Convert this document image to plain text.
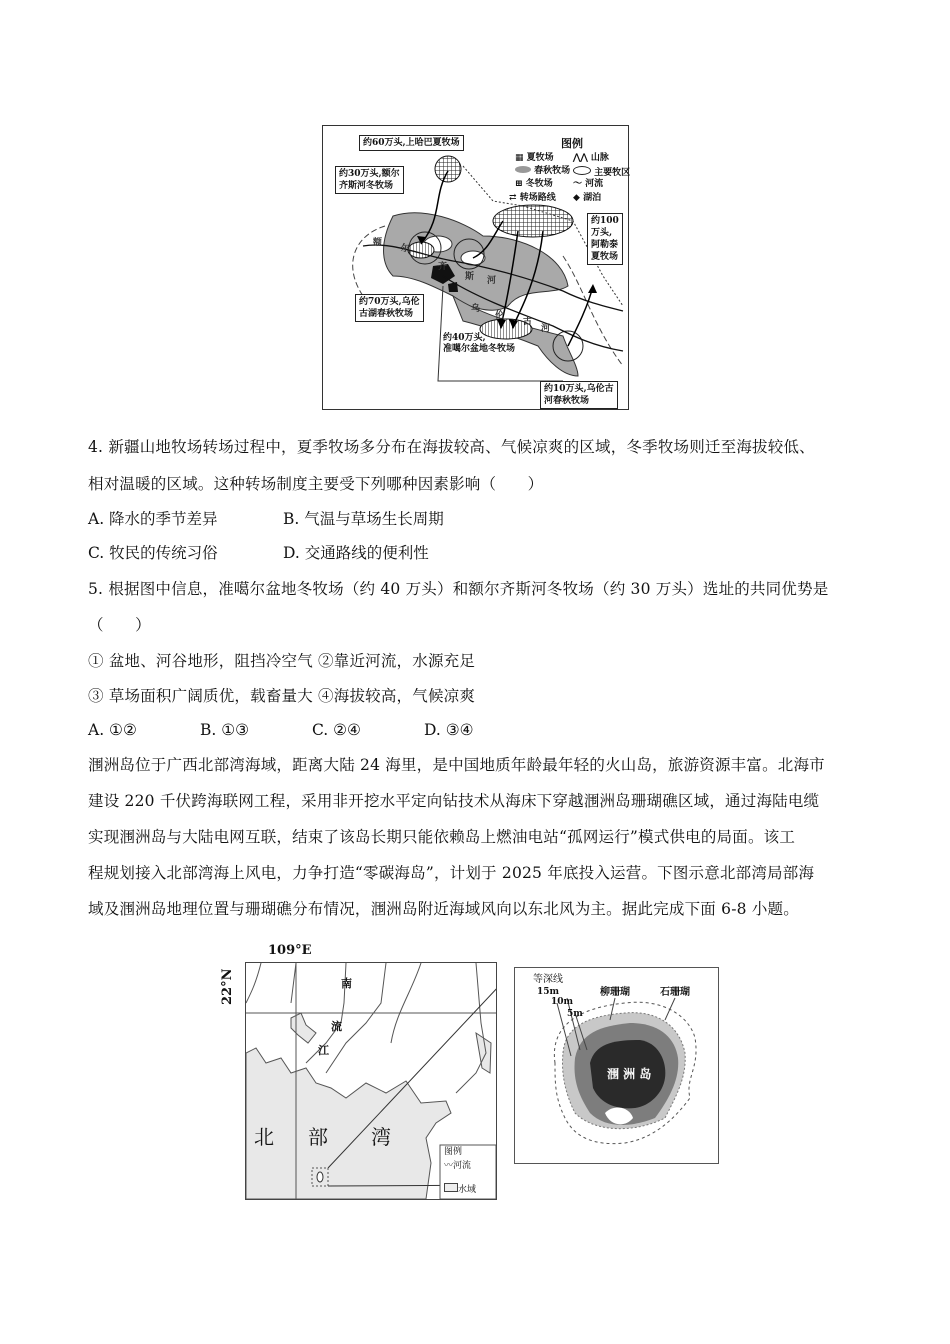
图例
▦ 夏牧场 ⋀⋀ 山脉
春秋牧场	主要牧区
⊞ 冬牧场 〜 河流
⇄ 转场路线 ◆ 湖泊
约60万头,上哈巴夏牧场
约30万头,额尔
齐斯河冬牧场
约100
万头,
阿勒泰
夏牧场
约70万头,乌伦
古湖春秋牧场
约40万头,
准噶尔盆地冬牧场
约10万头,乌伦古
河春秋牧场
额
尔
齐
斯 河
乌
伦
古
河
4. 新疆山地牧场转场过程中，夏季牧场多分布在海拔较高、气候凉爽的区域，冬季牧场则迁至海拔较低、
相对温暖的区域。这种转场制度主要受下列哪种因素影响（　　）
A. 降水的季节差异	B. 气温与草场生长周期
C. 牧民的传统习俗	D. 交通路线的便利性
5. 根据图中信息，准噶尔盆地冬牧场（约 40 万头）和额尔齐斯河冬牧场（约 30 万头）选址的共同优势是
（　　）
① 盆地、河谷地形，阻挡冷空气 ②靠近河流，水源充足
③ 草场面积广阔质优，载畜量大 ④海拔较高，气候凉爽
A. ①②	B. ①③	C. ②④	D. ③④
涠洲岛位于广西北部湾海域，距离大陆 24 海里，是中国地质年龄最年轻的火山岛，旅游资源丰富。北海市
建设 220 千伏跨海联网工程，采用非开挖水平定向钻技术从海床下穿越涠洲岛珊瑚礁区域，通过海陆电缆
实现涠洲岛与大陆电网互联，结束了该岛长期只能依赖岛上燃油电站“孤网运行”模式供电的局面。该工
程规划接入北部湾海上风电，力争打造“零碳海岛”，计划于 2025 年底投入运营。下图示意北部湾局部海
域及涠洲岛地理位置与珊瑚礁分布情况，涠洲岛附近海域风向以东北风为主。据此完成下面 6-8 小题。
109°E
22°N	南
流
江
北 部 湾
图例
〰河流
水域
等深线
15m
10m
5m
柳珊瑚	石珊瑚
涠 洲 岛
